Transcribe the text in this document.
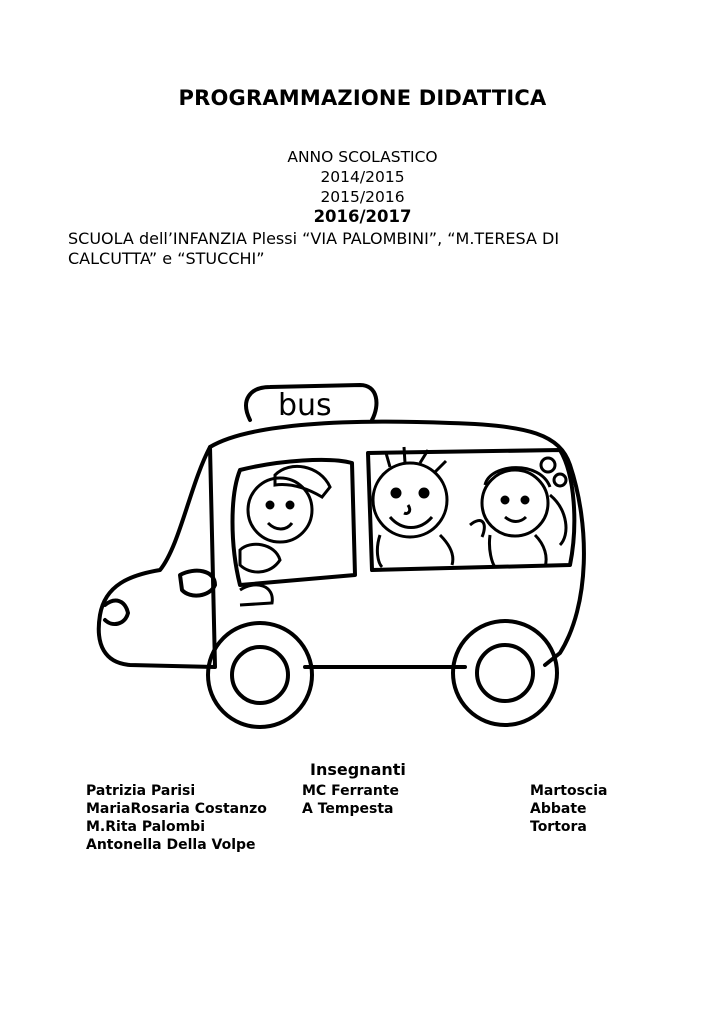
PROGRAMMAZIONE DIDATTICA
ANNO SCOLASTICO
2014/2015
2015/2016
2016/2017
SCUOLA dell’INFANZIA Plessi “VIA PALOMBINI”, “M.TERESA DI
CALCUTTA” e “STUCCHI”
bus
Insegnanti
Patrizia Parisi
MariaRosaria Costanzo
M.Rita Palombi
Antonella Della Volpe
MC Ferrante
A Tempesta
Martoscia
Abbate
Tortora
